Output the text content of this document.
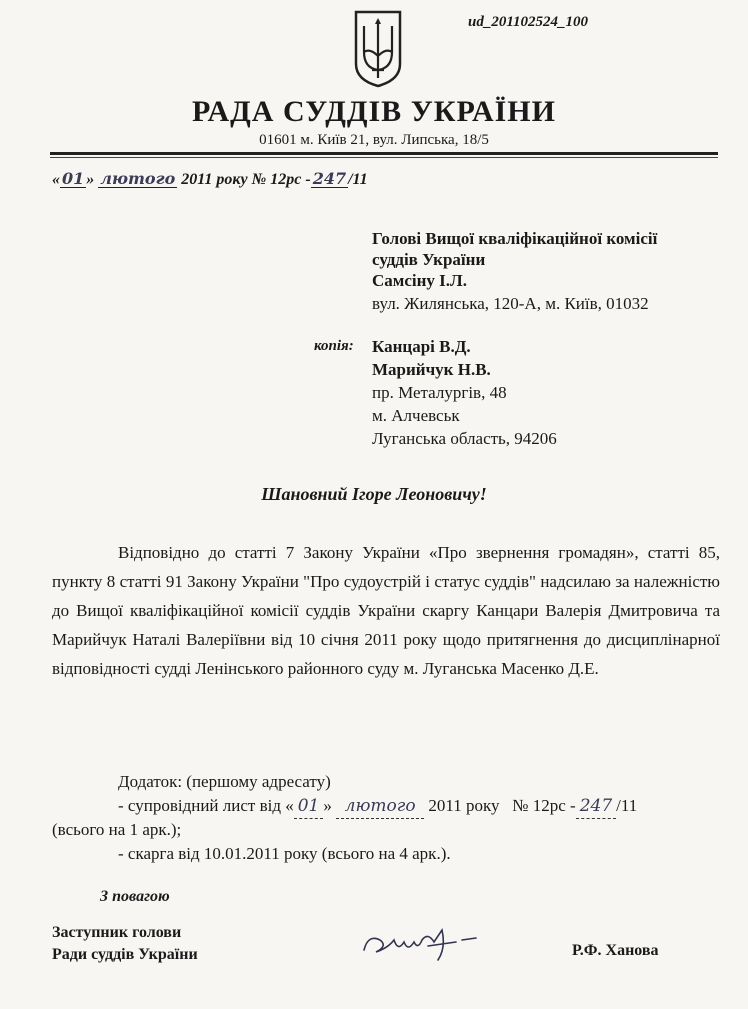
ud_201102524_100
РАДА СУДДІВ УКРАЇНИ
01601 м. Київ 21, вул. Липська, 18/5
« 01 » лютого 2011 року № 12рс - 247 /11
Голові Вищої кваліфікаційної комісії
суддів України
Самсіну І.Л.
вул. Жилянська, 120-А, м. Київ, 01032
копія: Канцарі В.Д.
Марийчук Н.В.
пр. Металургів, 48
м. Алчевськ
Луганська область, 94206
Шановний Ігоре Леоновичу!
Відповідно до статті 7 Закону України «Про звернення громадян», статті 85, пункту 8 статті 91 Закону України "Про судоустрій і статус суддів" надсилаю за належністю до Вищої кваліфікаційної комісії суддів України скаргу Канцари Валерія Дмитровича та Марийчук Наталі Валеріївни від 10 січня 2011 року щодо притягнення до дисциплінарної відповідності судді Ленінського районного суду м. Луганська Масенко Д.Е.
Додаток: (першому адресату)
- супровідний лист від « 01 » лютого 2011 року   № 12рс - 247 /11
(всього на 1 арк.);
- скарга від 10.01.2011 року (всього на 4 арк.).
З повагою
Заступник голови
Ради суддів України	Р.Ф. Ханова
